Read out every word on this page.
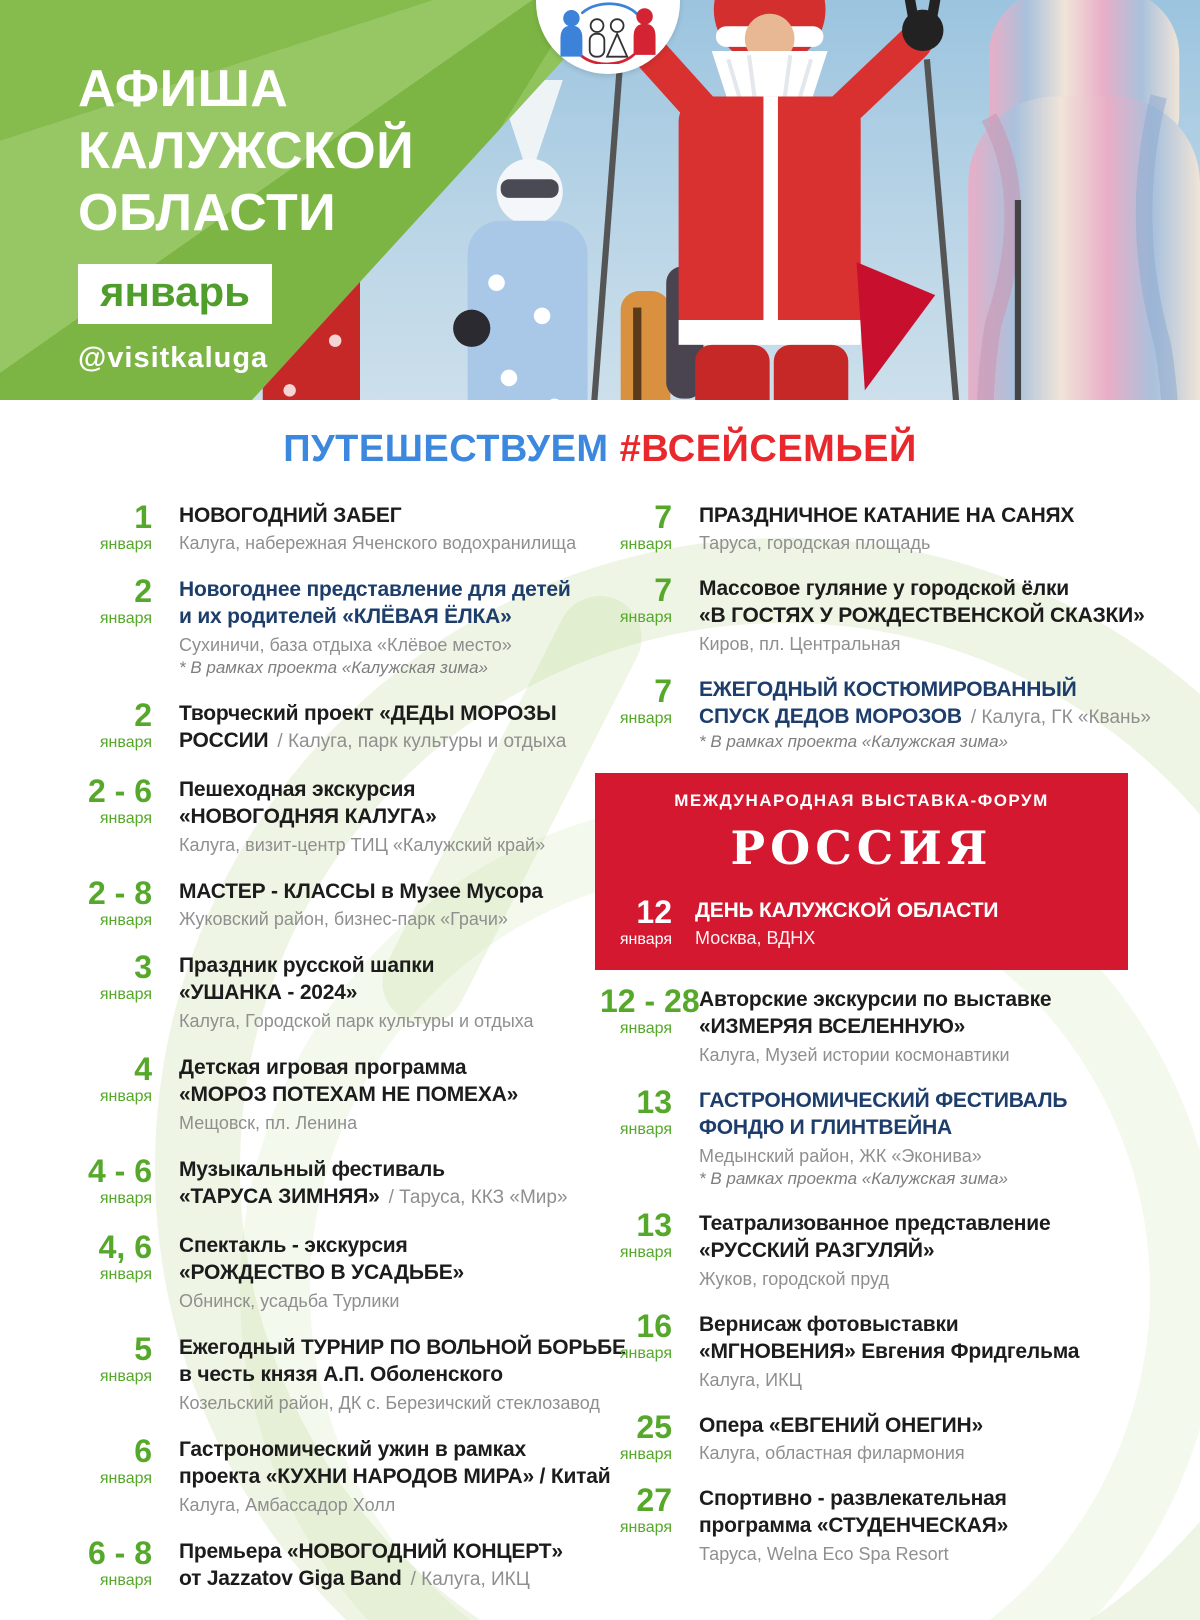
АФИША
КАЛУЖСКОЙ
ОБЛАСТИ
январь
@visitkaluga
ПУТЕШЕСТВУЕМ #ВСЕЙСЕМЬЕЙ
1
января
НОВОГОДНИЙ ЗАБЕГ
Калуга, набережная Яченского водохранилища
2
января
Новогоднее представление для детей
и их родителей «КЛЁВАЯ ЁЛКА»
Сухиничи, база отдыха «Клёвое место»
* В рамках проекта «Калужская зима»
2
января
Творческий проект «ДЕДЫ МОРОЗЫ
РОССИИ / Калуга, парк культуры и отдыха
2 - 6
января
Пешеходная экскурсия
«НОВОГОДНЯЯ КАЛУГА»
Калуга, визит-центр ТИЦ «Калужский край»
2 - 8
января
МАСТЕР - КЛАССЫ в Музее Мусора
Жуковский район, бизнес-парк «Грачи»
3
января
Праздник русской шапки
«УШАНКА - 2024»
Калуга, Городской парк культуры и отдыха
4
января
Детская игровая программа
«МОРОЗ ПОТЕХАМ НЕ ПОМЕХА»
Мещовск, пл. Ленина
4 - 6
января
Музыкальный фестиваль
«ТАРУСА ЗИМНЯЯ» / Таруса, ККЗ «Мир»
4, 6
января
Спектакль - экскурсия
«РОЖДЕСТВО В УСАДЬБЕ»
Обнинск, усадьба Турлики
5
января
Ежегодный ТУРНИР ПО ВОЛЬНОЙ БОРЬБЕ
в честь князя А.П. Оболенского
Козельский район, ДК с. Березичский стеклозавод
6
января
Гастрономический ужин в рамках
проекта «КУХНИ НАРОДОВ МИРА» / Китай
Калуга, Амбассадор Холл
6 - 8
января
Премьера «НОВОГОДНИЙ КОНЦЕРТ»
от Jazzatov Giga Band / Калуга, ИКЦ
7
января
ПРАЗДНИЧНОЕ КАТАНИЕ НА САНЯХ
Таруса, городская площадь
7
января
Массовое гуляние у городской ёлки
«В ГОСТЯХ У РОЖДЕСТВЕНСКОЙ СКАЗКИ»
Киров, пл. Центральная
7
января
ЕЖЕГОДНЫЙ КОСТЮМИРОВАННЫЙ
СПУСК ДЕДОВ МОРОЗОВ / Калуга, ГК «Квань»
* В рамках проекта «Калужская зима»
МЕЖДУНАРОДНАЯ ВЫСТАВКА-ФОРУМ
РОССИЯ
12
января
ДЕНЬ КАЛУЖСКОЙ ОБЛАСТИ
Москва, ВДНХ
12 - 28
января
Авторские экскурсии по выставке
«ИЗМЕРЯЯ ВСЕЛЕННУЮ»
Калуга, Музей истории космонавтики
13
января
ГАСТРОНОМИЧЕСКИЙ ФЕСТИВАЛЬ
ФОНДЮ И ГЛИНТВЕЙНА
Медынский район, ЖК «Эконива»
* В рамках проекта «Калужская зима»
13
января
Театрализованное представление
«РУССКИЙ РАЗГУЛЯЙ»
Жуков, городской пруд
16
января
Вернисаж фотовыставки
«МГНОВЕНИЯ» Евгения Фридгельма
Калуга, ИКЦ
25
января
Опера «ЕВГЕНИЙ ОНЕГИН»
Калуга, областная филармония
27
января
Спортивно - развлекательная
программа «СТУДЕНЧЕСКАЯ»
Таруса, Welna Eco Spa Resort
